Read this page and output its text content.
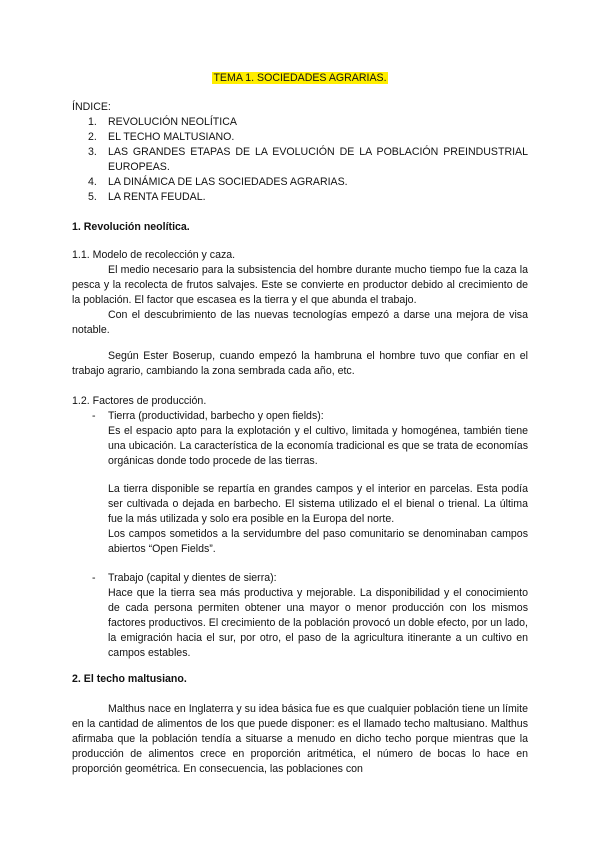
TEMA 1. SOCIEDADES AGRARIAS.
ÍNDICE:
1. REVOLUCIÓN NEOLÍTICA
2. EL TECHO MALTUSIANO.
3. LAS GRANDES ETAPAS DE LA EVOLUCIÓN DE LA POBLACIÓN PREINDUSTRIAL EUROPEAS.
4. LA DINÁMICA DE LAS SOCIEDADES AGRARIAS.
5. LA RENTA FEUDAL.
1. Revolución neolítica.
1.1. Modelo de recolección y caza.

El medio necesario para la subsistencia del hombre durante mucho tiempo fue la caza la pesca y la recolecta de frutos salvajes. Este se convierte en productor debido al crecimiento de la población. El factor que escasea es la tierra y el que abunda el trabajo.

Con el descubrimiento de las nuevas tecnologías empezó a darse una mejora de visa notable.

Según Ester Boserup, cuando empezó la hambruna el hombre tuvo que confiar en el trabajo agrario, cambiando la zona sembrada cada año, etc.

1.2. Factores de producción.
- Tierra (productividad, barbecho y open fields):

Es el espacio apto para la explotación y el cultivo, limitada y homogénea, también tiene una ubicación. La característica de la economía tradicional es que se trata de economías orgánicas donde todo procede de las tierras.

La tierra disponible se repartía en grandes campos y el interior en parcelas. Esta podía ser cultivada o dejada en barbecho. El sistema utilizado el el bienal o trienal. La última fue la más utilizada y solo era posible en la Europa del norte.

Los campos sometidos a la servidumbre del paso comunitario se denominaban campos abiertos “Open Fields”.

- Trabajo (capital y dientes de sierra):

Hace que la tierra sea más productiva y mejorable. La disponibilidad y el conocimiento de cada persona permiten obtener una mayor o menor producción con los mismos factores productivos. El crecimiento de la población provocó un doble efecto, por un lado, la emigración hacia el sur, por otro, el paso de la agricultura itinerante a un cultivo en campos estables.

2. El techo maltusiano.

Malthus nace en Inglaterra y su idea básica fue es que cualquier población tiene un límite en la cantidad de alimentos de los que puede disponer: es el llamado techo maltusiano. Malthus afirmaba que la población tendía a situarse a menudo en dicho techo porque mientras que la producción de alimentos crece en proporción aritmética, el número de bocas lo hace en proporción geométrica. En consecuencia, las poblaciones con
